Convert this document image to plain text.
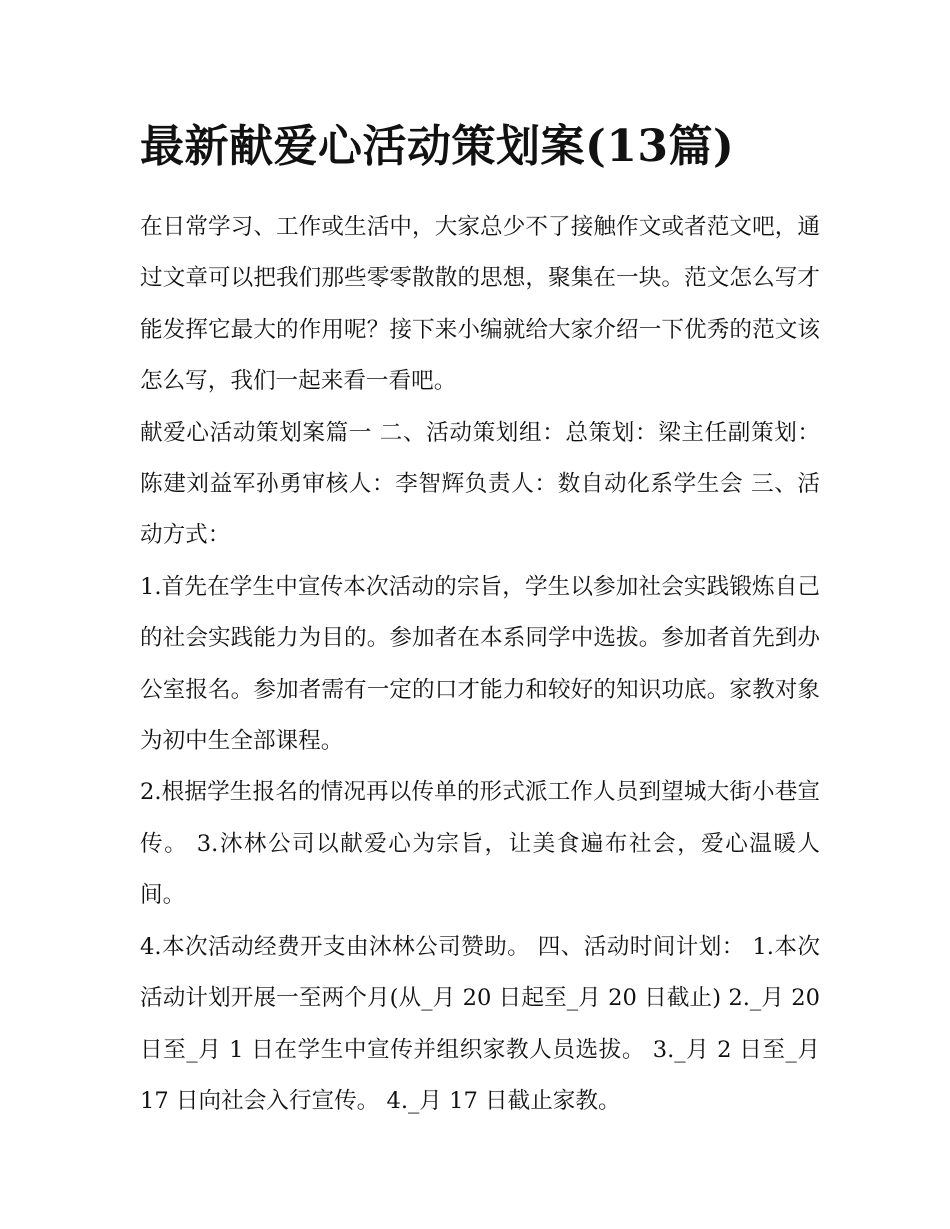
最新献爱心活动策划案(13篇)

在日常学习、工作或生活中，大家总少不了接触作文或者范文吧，通过文章可以把我们那些零零散散的思想，聚集在一块。范文怎么写才能发挥它最大的作用呢？接下来小编就给大家介绍一下优秀的范文该怎么写，我们一起来看一看吧。

献爱心活动策划案篇一 二、活动策划组：总策划：梁主任副策划：陈建刘益军孙勇审核人：李智辉负责人：数自动化系学生会 三、活动方式：

1.首先在学生中宣传本次活动的宗旨，学生以参加社会实践锻炼自己的社会实践能力为目的。参加者在本系同学中选拔。参加者首先到办公室报名。参加者需有一定的口才能力和较好的知识功底。家教对象为初中生全部课程。

2.根据学生报名的情况再以传单的形式派工作人员到望城大街小巷宣传。 3.沐林公司以献爱心为宗旨，让美食遍布社会，爱心温暖人间。

4.本次活动经费开支由沐林公司赞助。 四、活动时间计划： 1.本次活动计划开展一至两个月(从_月 20 日起至_月 20 日截止) 2._月 20 日至_月 1 日在学生中宣传并组织家教人员选拔。 3._月 2 日至_月 17 日向社会入行宣传。 4._月 17 日截止家教。
